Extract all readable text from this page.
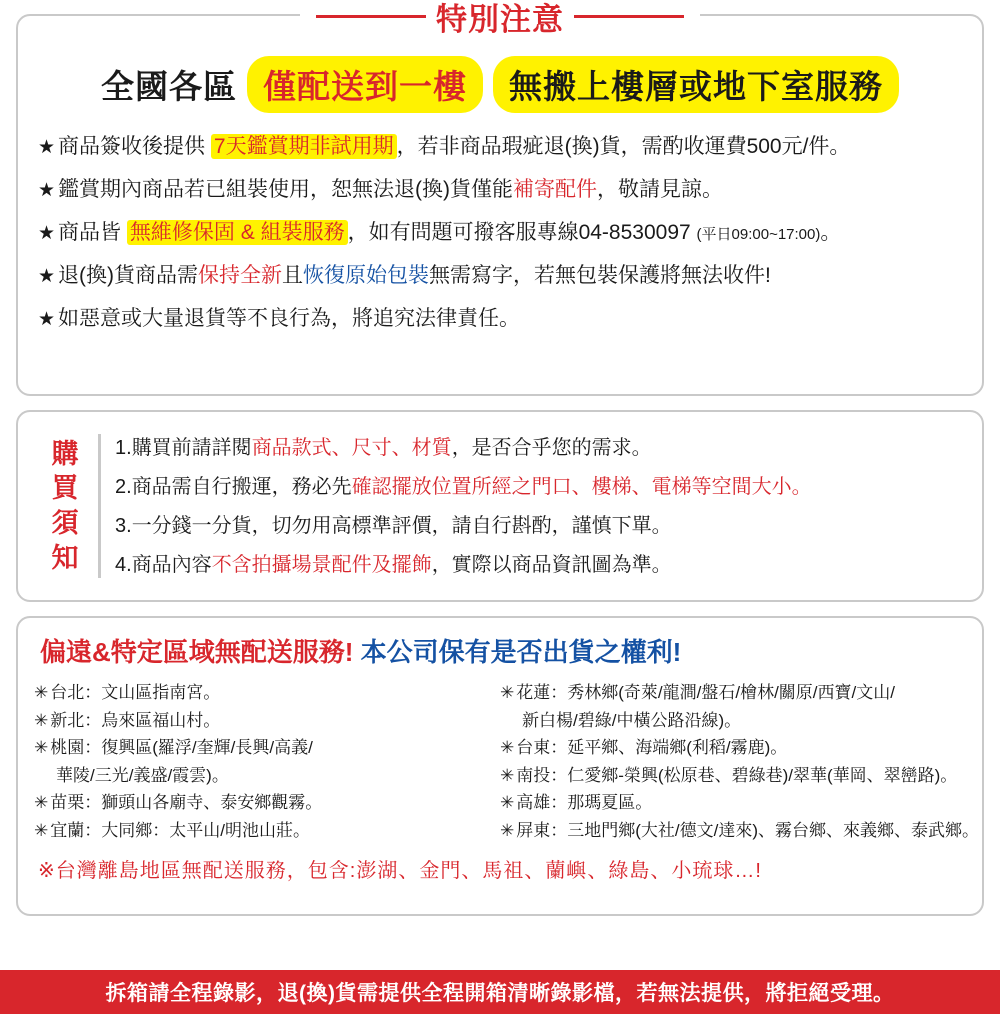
特別注意
全國各區 僅配送到一樓	無搬上樓層或地下室服務
★ 商品簽收後提供 7天鑑賞期非試用期 ，若非商品瑕疵退(換)貨，需酌收運費500元/件。
★ 鑑賞期內商品若已組裝使用，恕無法退(換)貨僅能補寄配件，敬請見諒。
★ 商品皆 無維修保固 & 組裝服務 ，如有問題可撥客服專線04-8530097 (平日09:00~17:00)。
★ 退(換)貨商品需保持全新且恢復原始包裝無需寫字，若無包裝保護將無法收件!
★ 如惡意或大量退貨等不良行為，將追究法律責任。
購
買
須
知
1.購買前請詳閱商品款式、尺寸、材質，是否合乎您的需求。
2.商品需自行搬運，務必先確認擺放位置所經之門口、樓梯、電梯等空間大小。
3.一分錢一分貨，切勿用高標準評價，請自行斟酌，謹慎下單。
4.商品內容不含拍攝場景配件及擺飾，實際以商品資訊圖為準。
偏遠&特定區域無配送服務! 本公司保有是否出貨之權利!
✳ 台北：文山區指南宮。
✳ 新北：烏來區福山村。
✳ 桃園：復興區(羅浮/奎輝/長興/高義/
華陵/三光/義盛/霞雲)。
✳ 苗栗：獅頭山各廟寺、泰安鄉觀霧。
✳ 宜蘭：大同鄉：太平山/明池山莊。
✳ 花蓮：秀林鄉(奇萊/龍澗/盤石/檜林/關原/西寶/文山/
新白楊/碧綠/中橫公路沿線)。
✳ 台東：延平鄉、海端鄉(利稻/霧鹿)。
✳ 南投：仁愛鄉-榮興(松原巷、碧綠巷)/翠華(華岡、翠巒路)。
✳ 高雄：那瑪夏區。
✳ 屏東：三地門鄉(大社/德文/達來)、霧台鄉、來義鄉、泰武鄉。
※台灣離島地區無配送服務，包含:澎湖、金門、馬祖、蘭嶼、綠島、小琉球…!
拆箱請全程錄影，退(換)貨需提供全程開箱清晰錄影檔，若無法提供，將拒絕受理。
